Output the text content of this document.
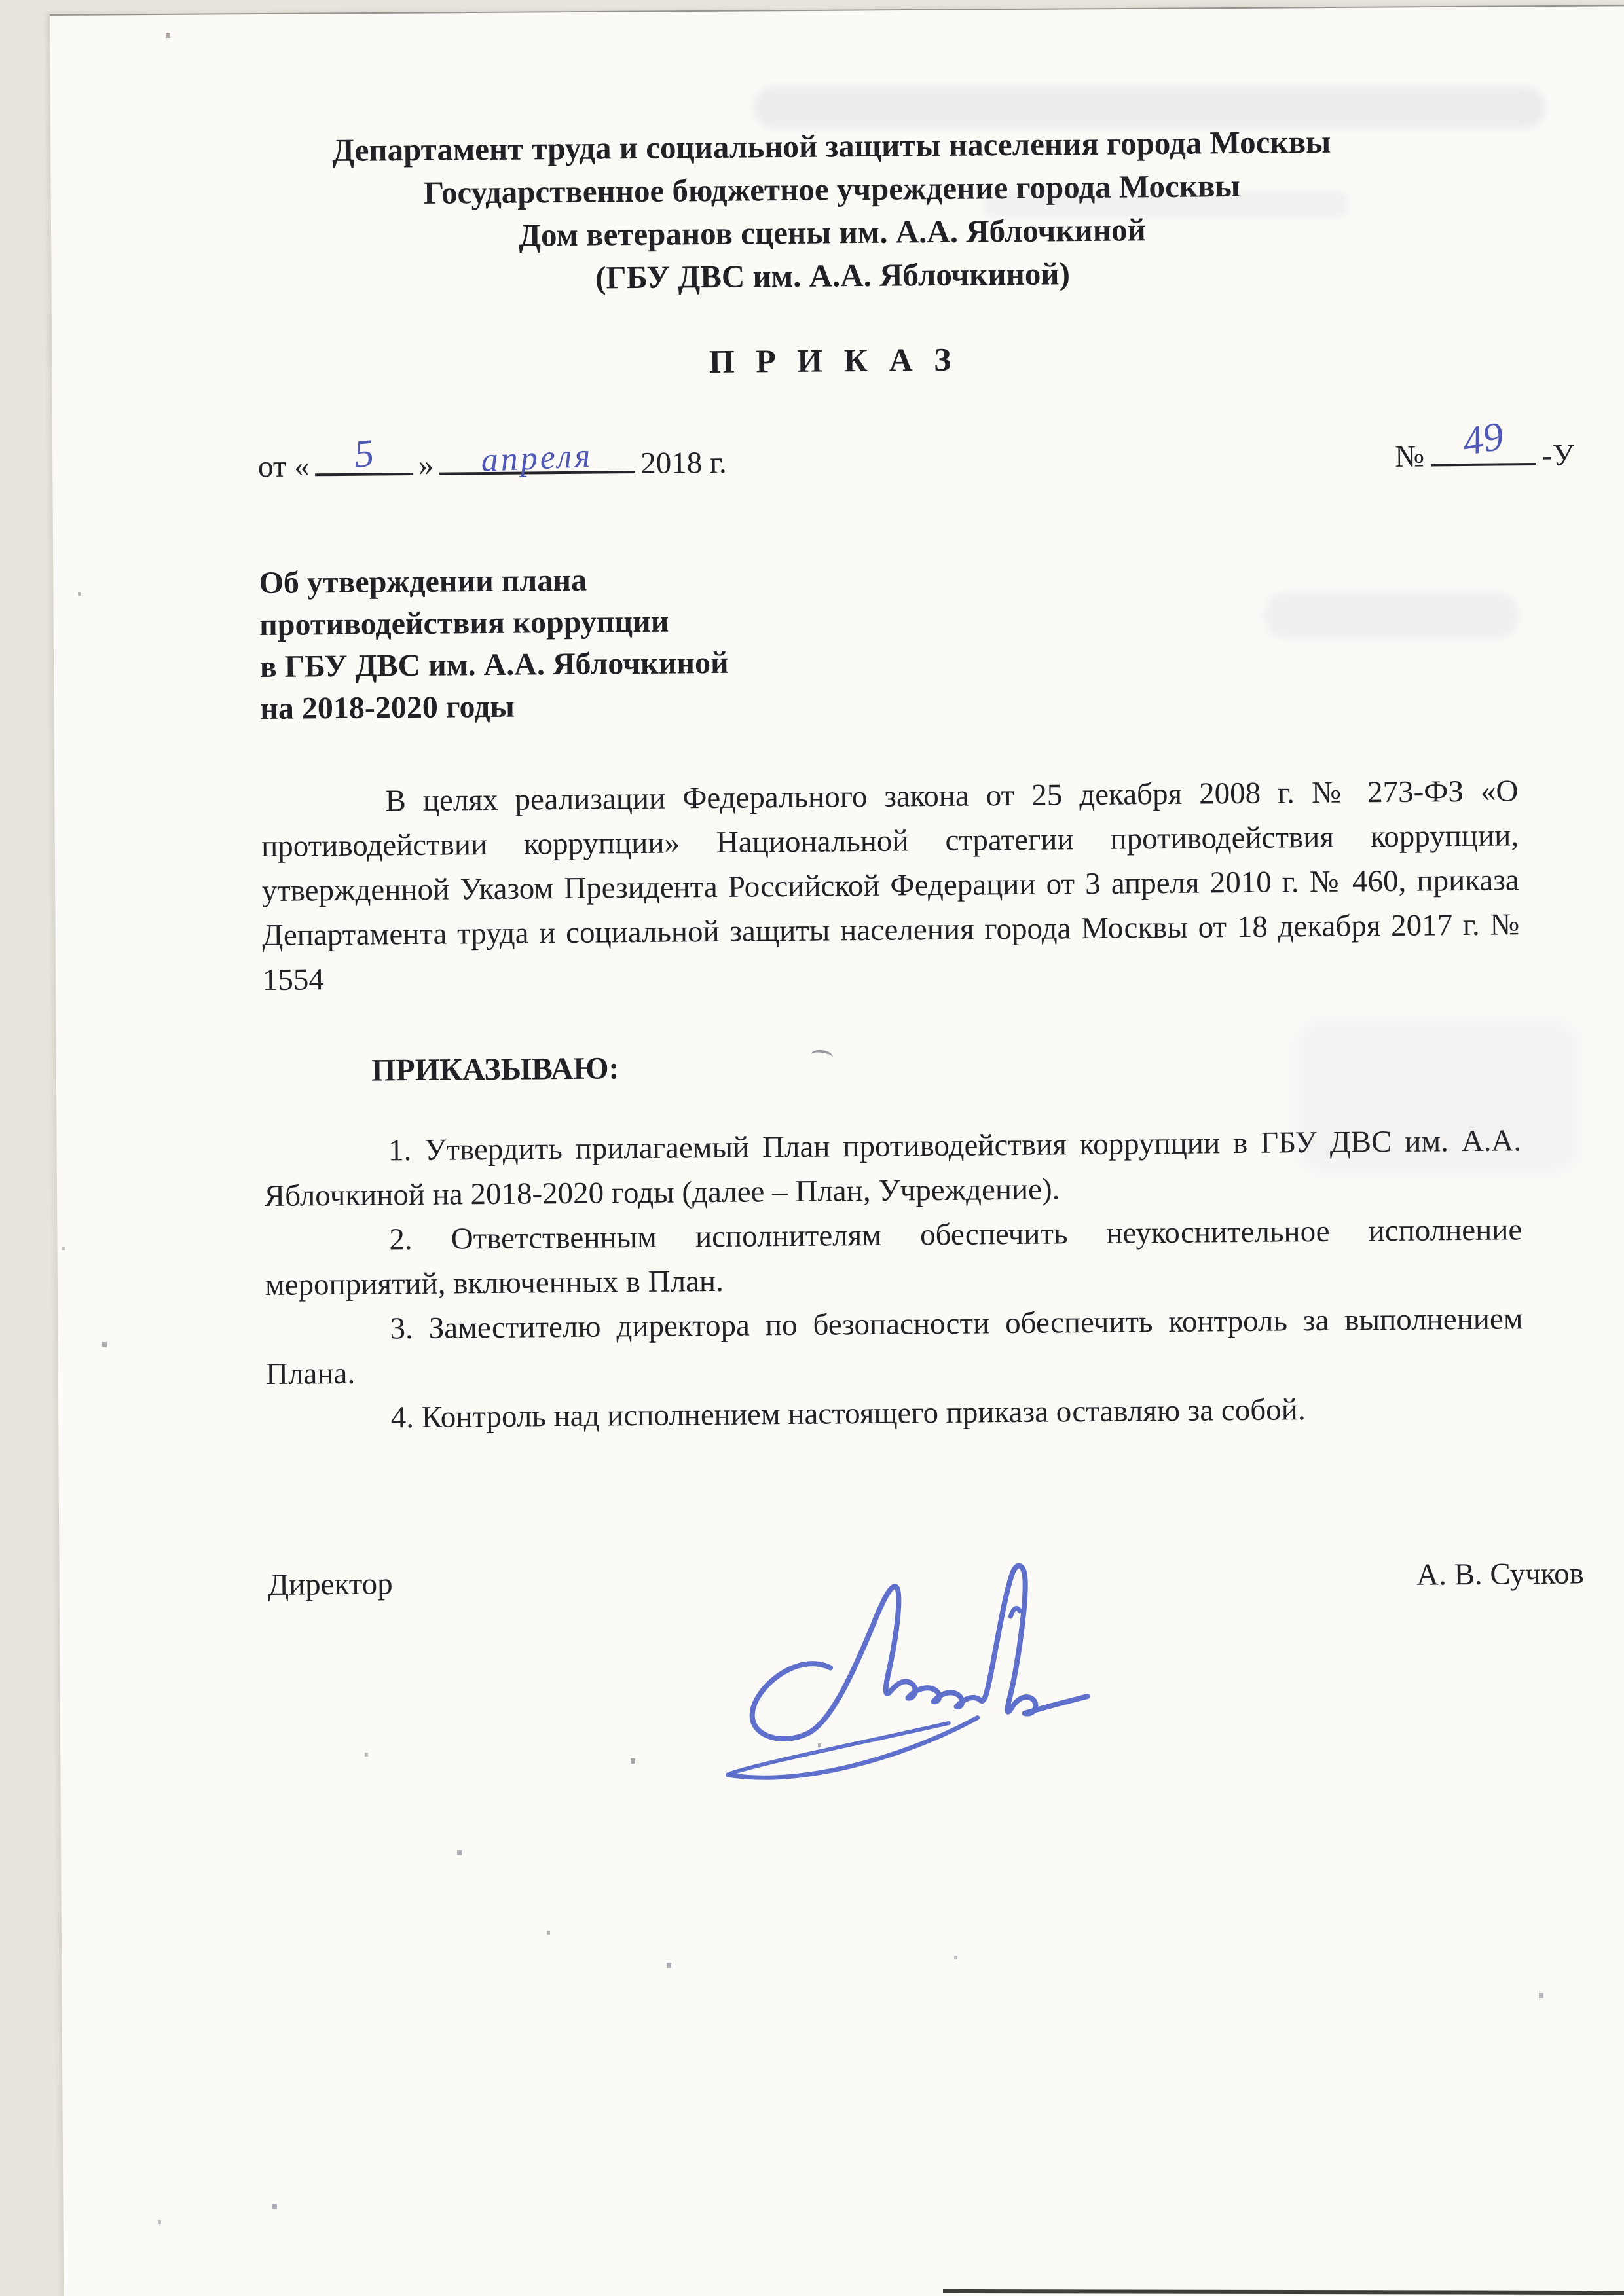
Департамент труда и социальной защиты населения города Москвы
Государственное бюджетное учреждение города Москвы
Дом ветеранов сцены им. А.А. Яблочкиной
(ГБУ ДВС им. А.А. Яблочкиной)
П Р И К А З
от « 5 » апреля 2018 г.	№ 49 -У
Об утверждении плана
противодействия коррупции
в ГБУ ДВС им. А.А. Яблочкиной
на 2018-2020 годы

В целях реализации Федерального закона от 25 декабря 2008 г. № 273-ФЗ «О противодействии коррупции» Национальной стратегии противодействия коррупции, утвержденной Указом Президента Российской Федерации от 3 апреля 2010 г. № 460, приказа Департамента труда и социальной защиты населения города Москвы от 18 декабря 2017 г. № 1554

ПРИКАЗЫВАЮ:

1. Утвердить прилагаемый План противодействия коррупции в ГБУ ДВС им. А.А. Яблочкиной на 2018-2020 годы (далее – План, Учреждение).

2. Ответственным исполнителям обеспечить неукоснительное исполнение мероприятий, включенных в План.

3. Заместителю директора по безопасности обеспечить контроль за выполнением Плана.

4. Контроль над исполнением настоящего приказа оставляю за собой.

Директор	А. В. Сучков
